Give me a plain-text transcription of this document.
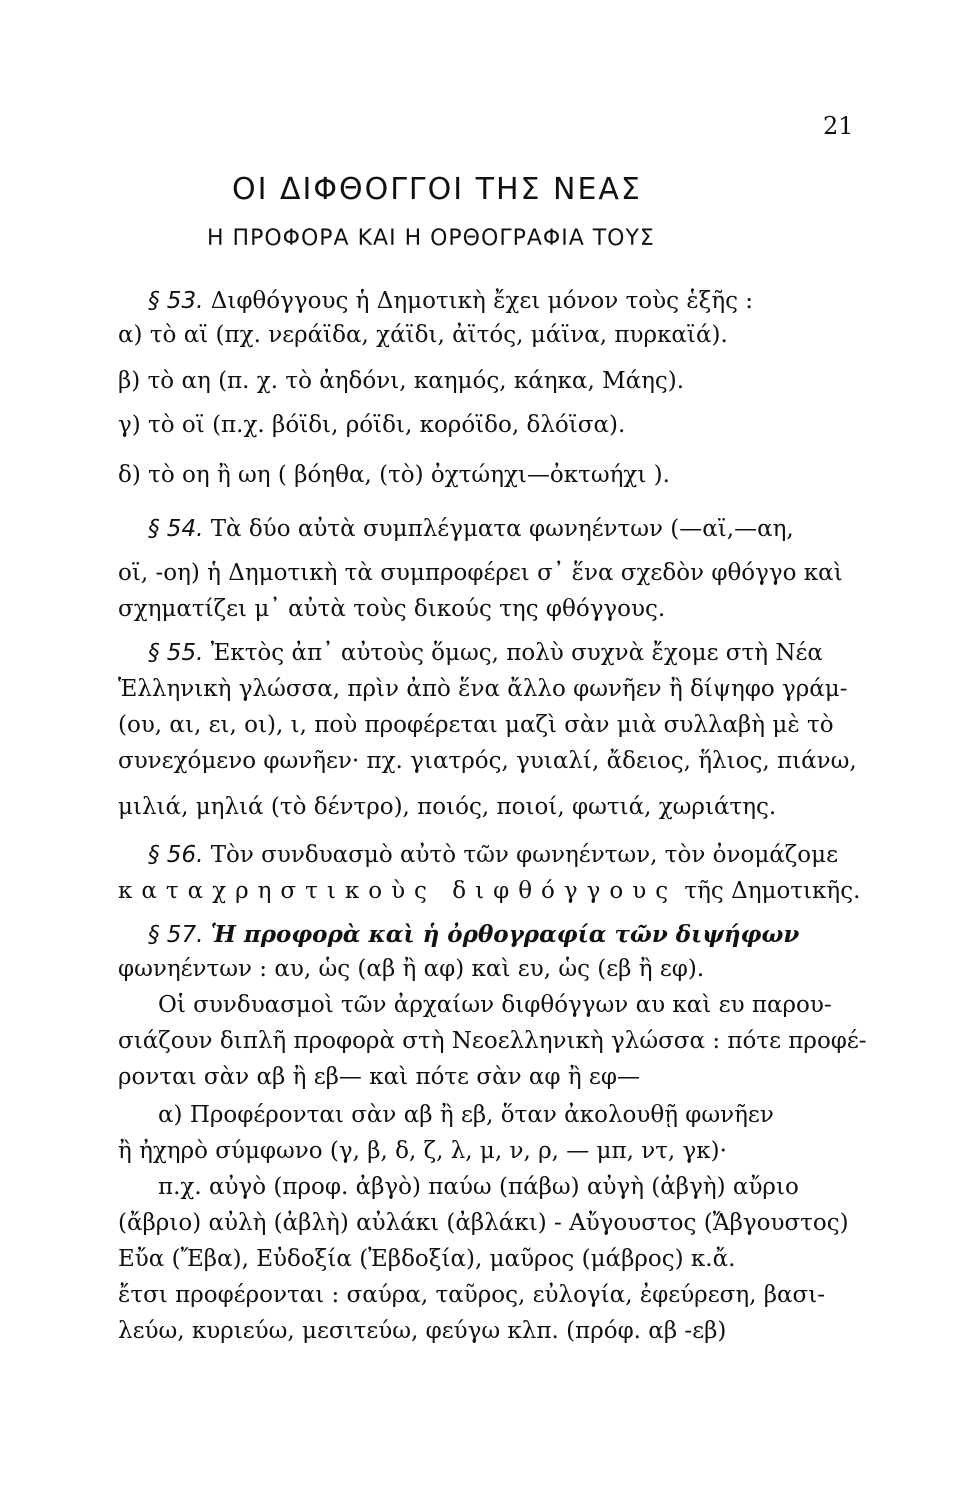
21
ΟΙ ΔΙΦΘΟΓΓΟΙ ΤΗΣ ΝΕΑΣ
Η ΠΡΟΦΟΡΑ ΚΑΙ Η ΟΡΘΟΓΡΑΦΙΑ ΤΟΥΣ
§ 53. Διφθόγγους ἡ Δημοτικὴ ἔχει μόνον τοὺς ἑξῆς :
α) τὸ αϊ (πχ. νεράϊδα, χάϊδι, ἀϊτός, μάϊνα, πυρκαϊά).
β) τὸ αη (π. χ. τὸ ἀηδόνι, καημός, κάηκα, Μάης).
γ) τὸ οϊ (π.χ. βόϊδι, ρόϊδι, κορόϊδο, δλόϊσα).
δ) τὸ οη ἢ ωη ( βόηθα, (τὸ) ὀχτώηχι—ὀκτωήχι ).
§ 54. Τὰ δύο αὐτὰ συμπλέγματα φωνηέντων (—αϊ,—αη,
οϊ, -οη) ἡ Δημοτικὴ τὰ συμπροφέρει σ᾽ ἕνα σχεδὸν φθόγγο καὶ
σχηματίζει μ᾽ αὐτὰ τοὺς δικούς της φθόγγους.
§ 55. Ἐκτὸς ἀπ᾽ αὐτοὺς ὅμως, πολὺ συχνὰ ἔχομε στὴ Νέα
Ἑλληνικὴ γλώσσα, πρὶν ἀπὸ ἕνα ἄλλο φωνῆεν ἢ δίψηφο γράμ-
(ου, αι, ει, οι), ι, ποὺ προφέρεται μαζὶ σὰν μιὰ συλλαβὴ μὲ τὸ
συνεχόμενο φωνῆεν· πχ. γιατρός, γυιαλί, ἄδειος, ἥλιος, πιάνω,
μιλιά, μηλιά (τὸ δέντρο), ποιός, ποιοί, φωτιά, χωριάτης.
§ 56. Τὸν συνδυασμὸ αὐτὸ τῶν φωνηέντων, τὸν ὀνομάζομε
καταχρηστικοὺς διφθόγγους τῆς Δημοτικῆς.
§ 57. Ἡ προφορὰ καὶ ἡ ὀρθογραφία τῶν διψήφων
φωνηέντων : αυ, ὡς (αβ ἢ αφ) καὶ ευ, ὡς (εβ ἢ εφ).
Οἱ συνδυασμοὶ τῶν ἀρχαίων διφθόγγων αυ καὶ ευ παρου-
σιάζουν διπλῆ προφορὰ στὴ Νεοελληνικὴ γλώσσα : πότε προφέ-
ρονται σὰν αβ ἢ εβ— καὶ πότε σὰν αφ ἢ εφ—
α) Προφέρονται σὰν αβ ἢ εβ, ὅταν ἀκολουθῇ φωνῆεν
ἢ ἠχηρὸ σύμφωνο (γ, β, δ, ζ, λ, μ, ν, ρ, — μπ, ντ, γκ)·
π.χ. αὐγὸ (προφ. ἀβγὸ) παύω (πάβω) αὐγὴ (ἀβγὴ) αὔριο
(ἄβριο) αὐλὴ (ἀβλὴ) αὐλάκι (ἀβλάκι) - Αὔγουστος (Ἄβγουστος)
Εὔα (Ἔβα), Εὐδοξία (Ἐβδοξία), μαῦρος (μάβρος) κ.ἄ.
ἔτσι προφέρονται : σαύρα, ταῦρος, εὐλογία, ἐφεύρεση, βασι-
λεύω, κυριεύω, μεσιτεύω, φεύγω κλπ. (πρόφ. αβ -εβ)
